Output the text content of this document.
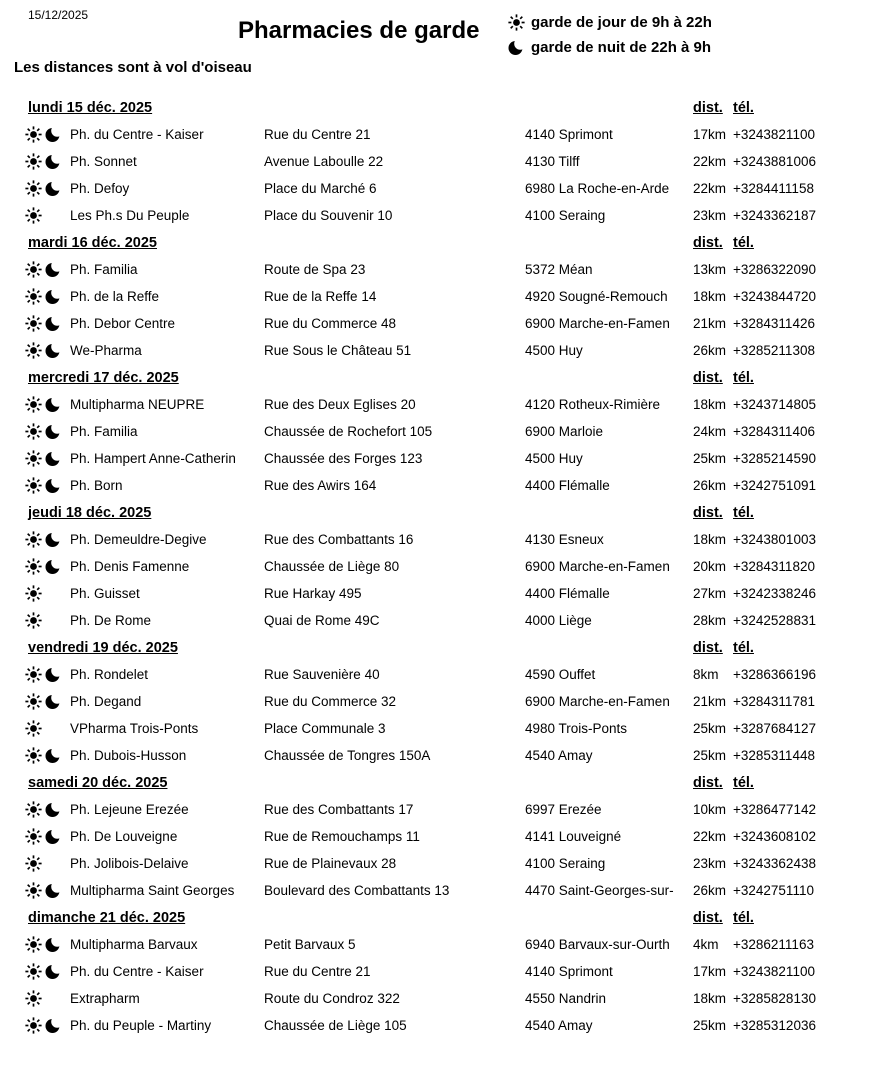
15/12/2025
Pharmacies de garde	garde de jour de 9h à 22h
garde de nuit de 22h à 9h
Les distances sont à vol d'oiseau
lundi 15 déc. 2025	dist. tél.
Ph. du Centre - Kaiser	Rue du Centre 21	4140 Sprimont	17km +3243821100
Ph. Sonnet	Avenue Laboulle 22	4130 Tilff	22km +3243881006
Ph. Defoy	Place du Marché 6	6980 La Roche-en-Arde	22km +3284411158
Les Ph.s Du Peuple	Place du Souvenir 10	4100 Seraing	23km +3243362187
mardi 16 déc. 2025	dist. tél.
Ph. Familia	Route de Spa 23	5372 Méan	13km +3286322090
Ph. de la Reffe	Rue de la Reffe 14	4920 Sougné-Remouch	18km +3243844720
Ph. Debor Centre	Rue du Commerce 48	6900 Marche-en-Famen	21km +3284311426
We-Pharma	Rue Sous le Château 51	4500 Huy	26km +3285211308
mercredi 17 déc. 2025	dist. tél.
Multipharma NEUPRE	Rue des Deux Eglises 20	4120 Rotheux-Rimière	18km +3243714805
Ph. Familia	Chaussée de Rochefort 105	6900 Marloie	24km +3284311406
Ph. Hampert Anne-Catherin	Chaussée des Forges 123	4500 Huy	25km +3285214590
Ph. Born	Rue des Awirs 164	4400 Flémalle	26km +3242751091
jeudi 18 déc. 2025	dist. tél.
Ph. Demeuldre-Degive	Rue des Combattants 16	4130 Esneux	18km +3243801003
Ph. Denis Famenne	Chaussée de Liège 80	6900 Marche-en-Famen	20km +3284311820
Ph. Guisset	Rue Harkay 495	4400 Flémalle	27km +3242338246
Ph. De Rome	Quai de Rome 49C	4000 Liège	28km +3242528831
vendredi 19 déc. 2025	dist. tél.
Ph. Rondelet	Rue Sauvenière 40	4590 Ouffet	8km	+3286366196
Ph. Degand	Rue du Commerce 32	6900 Marche-en-Famen	21km +3284311781
VPharma Trois-Ponts	Place Communale 3	4980 Trois-Ponts	25km +3287684127
Ph. Dubois-Husson	Chaussée de Tongres 150A	4540 Amay	25km +3285311448
samedi 20 déc. 2025	dist. tél.
Ph. Lejeune Erezée	Rue des Combattants 17	6997 Erezée	10km +3286477142
Ph. De Louveigne	Rue de Remouchamps 11	4141 Louveigné	22km +3243608102
Ph. Jolibois-Delaive	Rue de Plainevaux 28	4100 Seraing	23km +3243362438
Multipharma Saint Georges	Boulevard des Combattants 13	4470 Saint-Georges-sur-	26km +3242751110
dimanche 21 déc. 2025	dist. tél.
Multipharma Barvaux	Petit Barvaux 5	6940 Barvaux-sur-Ourth	4km	+3286211163
Ph. du Centre - Kaiser	Rue du Centre 21	4140 Sprimont	17km +3243821100
Extrapharm	Route du Condroz 322	4550 Nandrin	18km +3285828130
Ph. du Peuple - Martiny	Chaussée de Liège 105	4540 Amay	25km +3285312036
